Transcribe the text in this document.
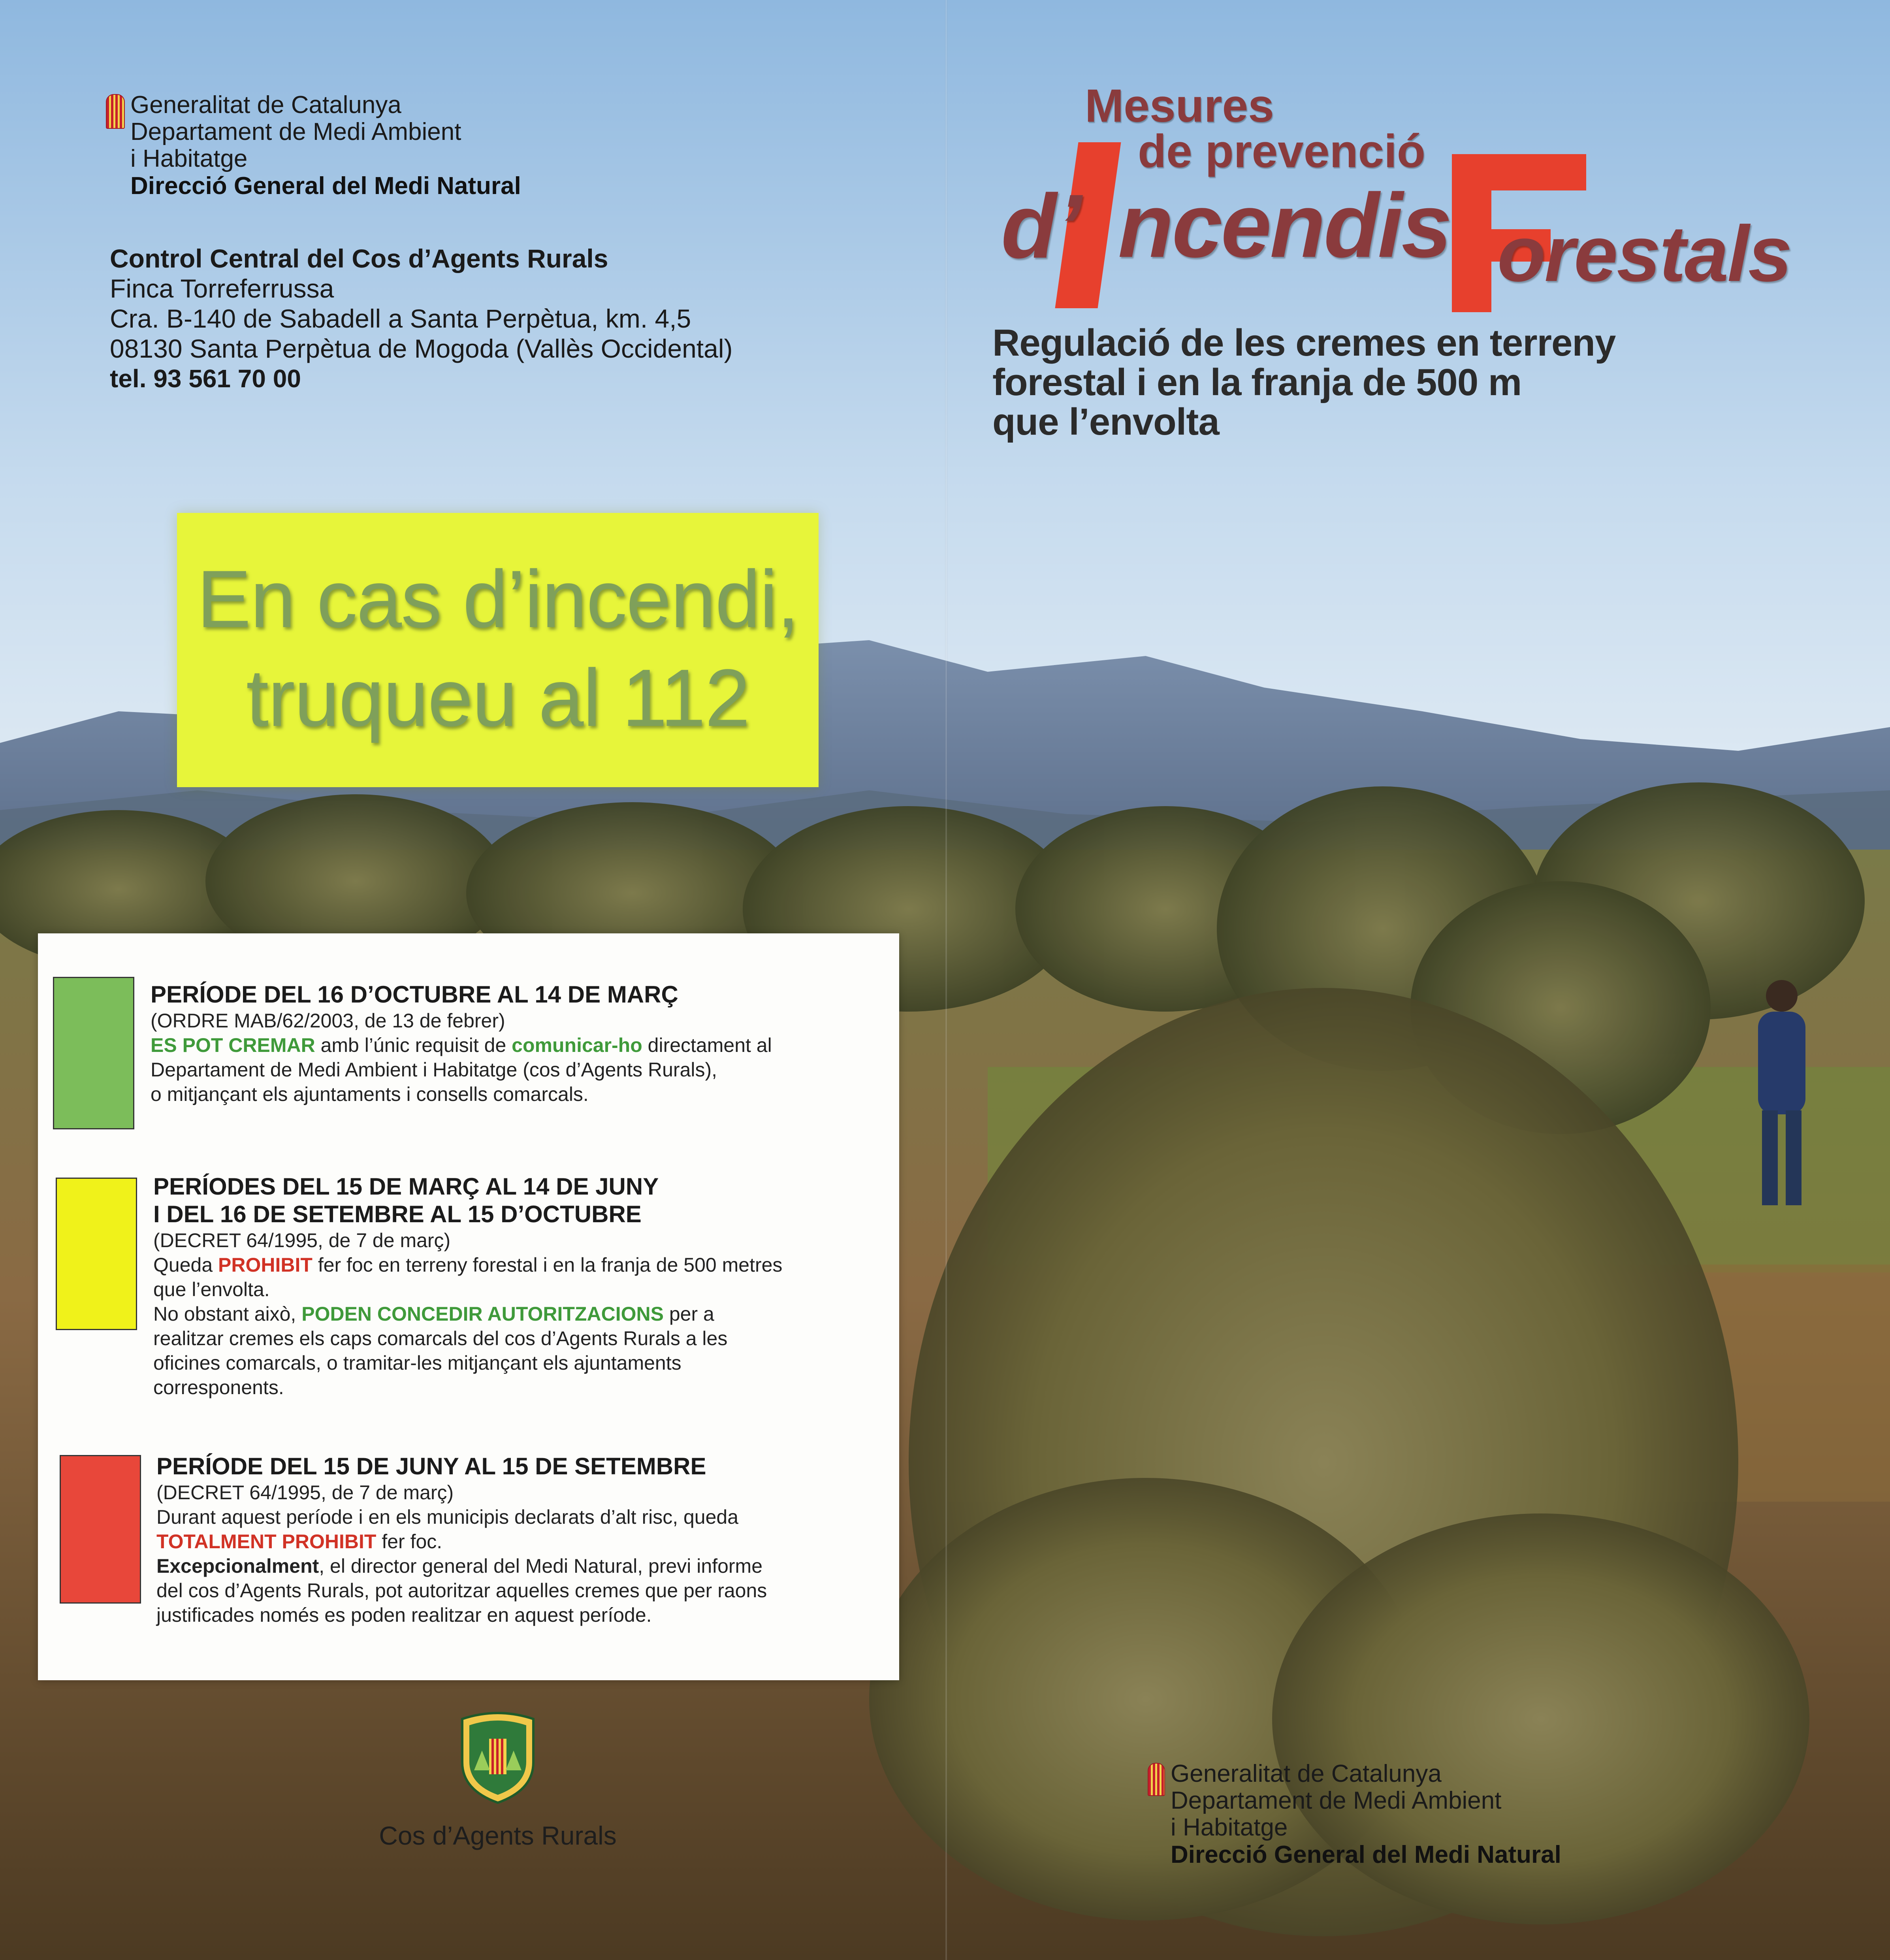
Generalitat de Catalunya
Departament de Medi Ambient
i Habitatge
Direcció General del Medi Natural
Control Central del Cos d’Agents Rurals
Finca Torreferrussa
Cra. B-140 de Sabadell a Santa Perpètua, km. 4,5
08130 Santa Perpètua de Mogoda (Vallès Occidental)
tel. 93 561 70 00
En cas d’incendi,
truqueu al 112
PERÍODE DEL 16 D’OCTUBRE AL 14 DE MARÇ
(ORDRE MAB/62/2003, de 13 de febrer)
ES POT CREMAR amb l’únic requisit de comunicar-ho directament al
Departament de Medi Ambient i Habitatge (cos d’Agents Rurals),
o mitjançant els ajuntaments i consells comarcals.
PERÍODES DEL 15 DE MARÇ AL 14 DE JUNY
I DEL 16 DE SETEMBRE AL 15 D’OCTUBRE
(DECRET 64/1995, de 7 de març)
Queda PROHIBIT fer foc en terreny forestal i en la franja de 500 metres
que l’envolta.
No obstant això, PODEN CONCEDIR AUTORITZACIONS per a
realitzar cremes els caps comarcals del cos d’Agents Rurals a les
oficines comarcals, o tramitar-les mitjançant els ajuntaments
corresponents.
PERÍODE DEL 15 DE JUNY AL 15 DE SETEMBRE
(DECRET 64/1995, de 7 de març)
Durant aquest període i en els municipis declarats d’alt risc, queda
TOTALMENT PROHIBIT fer foc.
Excepcionalment, el director general del Medi Natural, previ informe
del cos d’Agents Rurals, pot autoritzar aquelles cremes que per raons
justificades només es poden realitzar en aquest període.
Cos d’Agents Rurals
Mesures
de prevenció
d’ ncendis orestals
Regulació de les cremes en terreny
forestal i en la franja de 500 m
que l’envolta
Generalitat de Catalunya
Departament de Medi Ambient
i Habitatge
Direcció General del Medi Natural
